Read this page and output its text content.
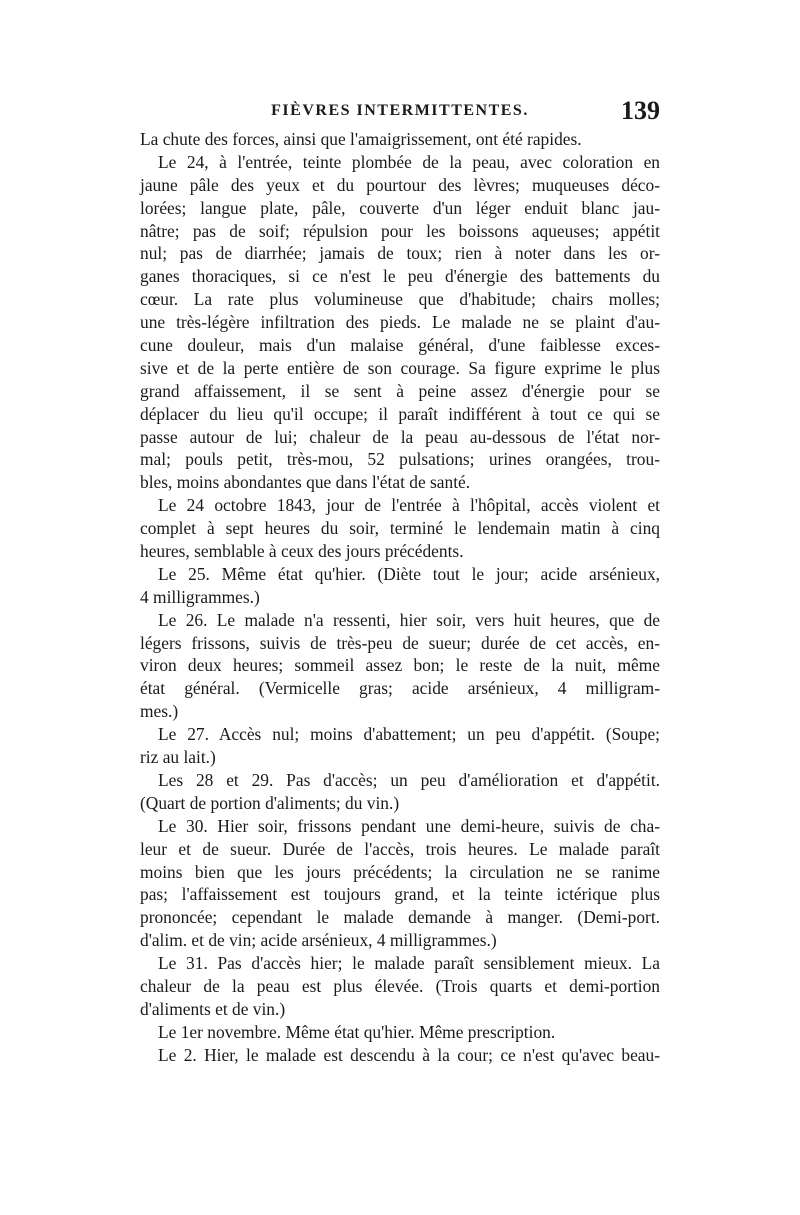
FIÈVRES INTERMITTENTES.	139
La chute des forces, ainsi que l'amaigrissement, ont été rapides.
Le 24, à l'entrée, teinte plombée de la peau, avec coloration en
jaune pâle des yeux et du pourtour des lèvres; muqueuses déco-
lorées; langue plate, pâle, couverte d'un léger enduit blanc jau-
nâtre; pas de soif; répulsion pour les boissons aqueuses; appétit
nul; pas de diarrhée; jamais de toux; rien à noter dans les or-
ganes thoraciques, si ce n'est le peu d'énergie des battements du
cœur. La rate plus volumineuse que d'habitude; chairs molles;
une très-légère infiltration des pieds. Le malade ne se plaint d'au-
cune douleur, mais d'un malaise général, d'une faiblesse exces-
sive et de la perte entière de son courage. Sa figure exprime le plus
grand affaissement, il se sent à peine assez d'énergie pour se
déplacer du lieu qu'il occupe; il paraît indifférent à tout ce qui se
passe autour de lui; chaleur de la peau au-dessous de l'état nor-
mal; pouls petit, très-mou, 52 pulsations; urines orangées, trou-
bles, moins abondantes que dans l'état de santé.
Le 24 octobre 1843, jour de l'entrée à l'hôpital, accès violent et
complet à sept heures du soir, terminé le lendemain matin à cinq
heures, semblable à ceux des jours précédents.
Le 25. Même état qu'hier. (Diète tout le jour; acide arsénieux,
4 milligrammes.)
Le 26. Le malade n'a ressenti, hier soir, vers huit heures, que de
légers frissons, suivis de très-peu de sueur; durée de cet accès, en-
viron deux heures; sommeil assez bon; le reste de la nuit, même
état général. (Vermicelle gras; acide arsénieux, 4 milligram-
mes.)
Le 27. Accès nul; moins d'abattement; un peu d'appétit. (Soupe;
riz au lait.)
Les 28 et 29. Pas d'accès; un peu d'amélioration et d'appétit.
(Quart de portion d'aliments; du vin.)
Le 30. Hier soir, frissons pendant une demi-heure, suivis de cha-
leur et de sueur. Durée de l'accès, trois heures. Le malade paraît
moins bien que les jours précédents; la circulation ne se ranime
pas; l'affaissement est toujours grand, et la teinte ictérique plus
prononcée; cependant le malade demande à manger. (Demi-port.
d'alim. et de vin; acide arsénieux, 4 milligrammes.)
Le 31. Pas d'accès hier; le malade paraît sensiblement mieux. La
chaleur de la peau est plus élevée. (Trois quarts et demi-portion
d'aliments et de vin.)
Le 1er novembre. Même état qu'hier. Même prescription.
Le 2. Hier, le malade est descendu à la cour; ce n'est qu'avec beau-
